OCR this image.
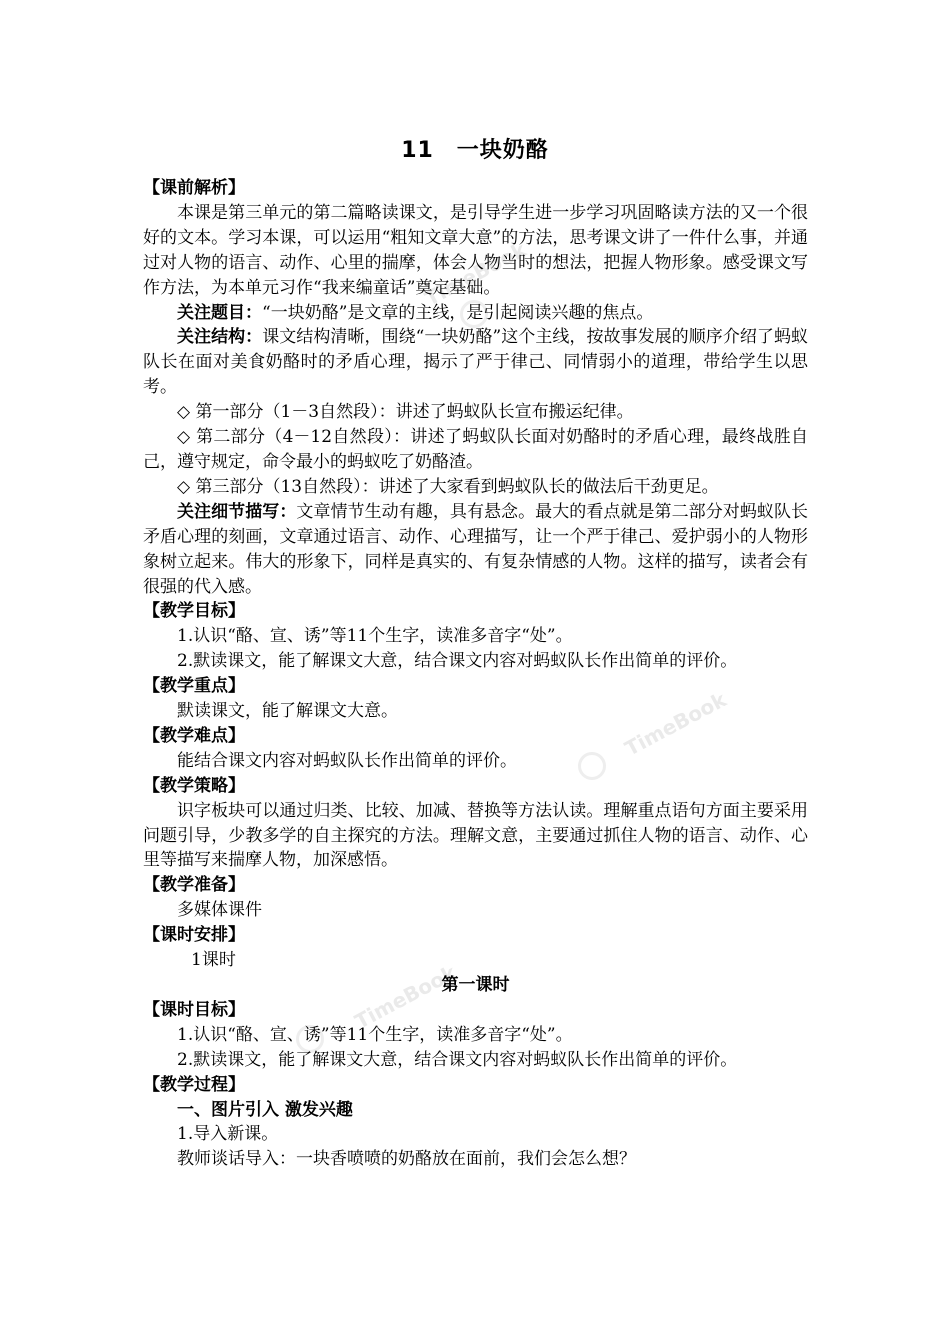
TimeBook
TimeBook
TimeBook
11　一块奶酪

【课前解析】

本课是第三单元的第二篇略读课文，是引导学生进一步学习巩固略读方法的又一个很好的文本。学习本课，可以运用“粗知文章大意”的方法，思考课文讲了一件什么事，并通过对人物的语言、动作、心里的揣摩，体会人物当时的想法，把握人物形象。感受课文写作方法，为本单元习作“我来编童话”奠定基础。

关注题目：“一块奶酪”是文章的主线，是引起阅读兴趣的焦点。

关注结构：课文结构清晰，围绕“一块奶酪”这个主线，按故事发展的顺序介绍了蚂蚁队长在面对美食奶酪时的矛盾心理，揭示了严于律己、同情弱小的道理，带给学生以思考。

◇ 第一部分（1－3自然段）：讲述了蚂蚁队长宣布搬运纪律。

◇ 第二部分（4－12自然段）：讲述了蚂蚁队长面对奶酪时的矛盾心理，最终战胜自己，遵守规定，命令最小的蚂蚁吃了奶酪渣。

◇ 第三部分（13自然段）：讲述了大家看到蚂蚁队长的做法后干劲更足。

关注细节描写：文章情节生动有趣，具有悬念。最大的看点就是第二部分对蚂蚁队长矛盾心理的刻画，文章通过语言、动作、心理描写，让一个严于律己、爱护弱小的人物形象树立起来。伟大的形象下，同样是真实的、有复杂情感的人物。这样的描写，读者会有很强的代入感。

【教学目标】

1.认识“酪、宣、诱”等11个生字，读准多音字“处”。

2.默读课文，能了解课文大意，结合课文内容对蚂蚁队长作出简单的评价。

【教学重点】

默读课文，能了解课文大意。

【教学难点】

能结合课文内容对蚂蚁队长作出简单的评价。

【教学策略】

识字板块可以通过归类、比较、加减、替换等方法认读。理解重点语句方面主要采用问题引导，少教多学的自主探究的方法。理解文意，主要通过抓住人物的语言、动作、心里等描写来揣摩人物，加深感悟。

【教学准备】

多媒体课件

【课时安排】

1课时

第一课时

【课时目标】

1.认识“酪、宣、诱”等11个生字，读准多音字“处”。

2.默读课文，能了解课文大意，结合课文内容对蚂蚁队长作出简单的评价。

【教学过程】

一、图片引入 激发兴趣

1.导入新课。

教师谈话导入：一块香喷喷的奶酪放在面前，我们会怎么想？
